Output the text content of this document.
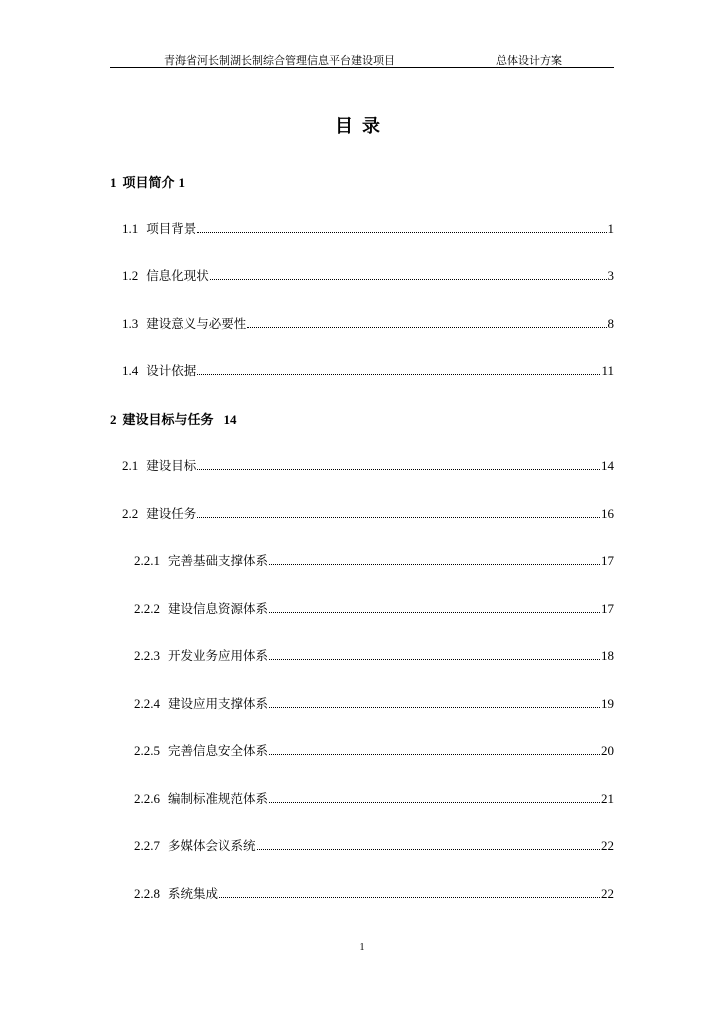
青海省河长制湖长制综合管理信息平台建设项目	总体设计方案
目录
1 项目简介 1
1.1 项目背景	1
1.2 信息化现状	3
1.3 建设意义与必要性	8
1.4 设计依据	11
2 建设目标与任务 14
2.1 建设目标	14
2.2 建设任务	16
2.2.1 完善基础支撑体系	17
2.2.2 建设信息资源体系	17
2.2.3 开发业务应用体系	18
2.2.4 建设应用支撑体系	19
2.2.5 完善信息安全体系	20
2.2.6 编制标准规范体系	21
2.2.7 多媒体会议系统	22
2.2.8 系统集成	22
1
